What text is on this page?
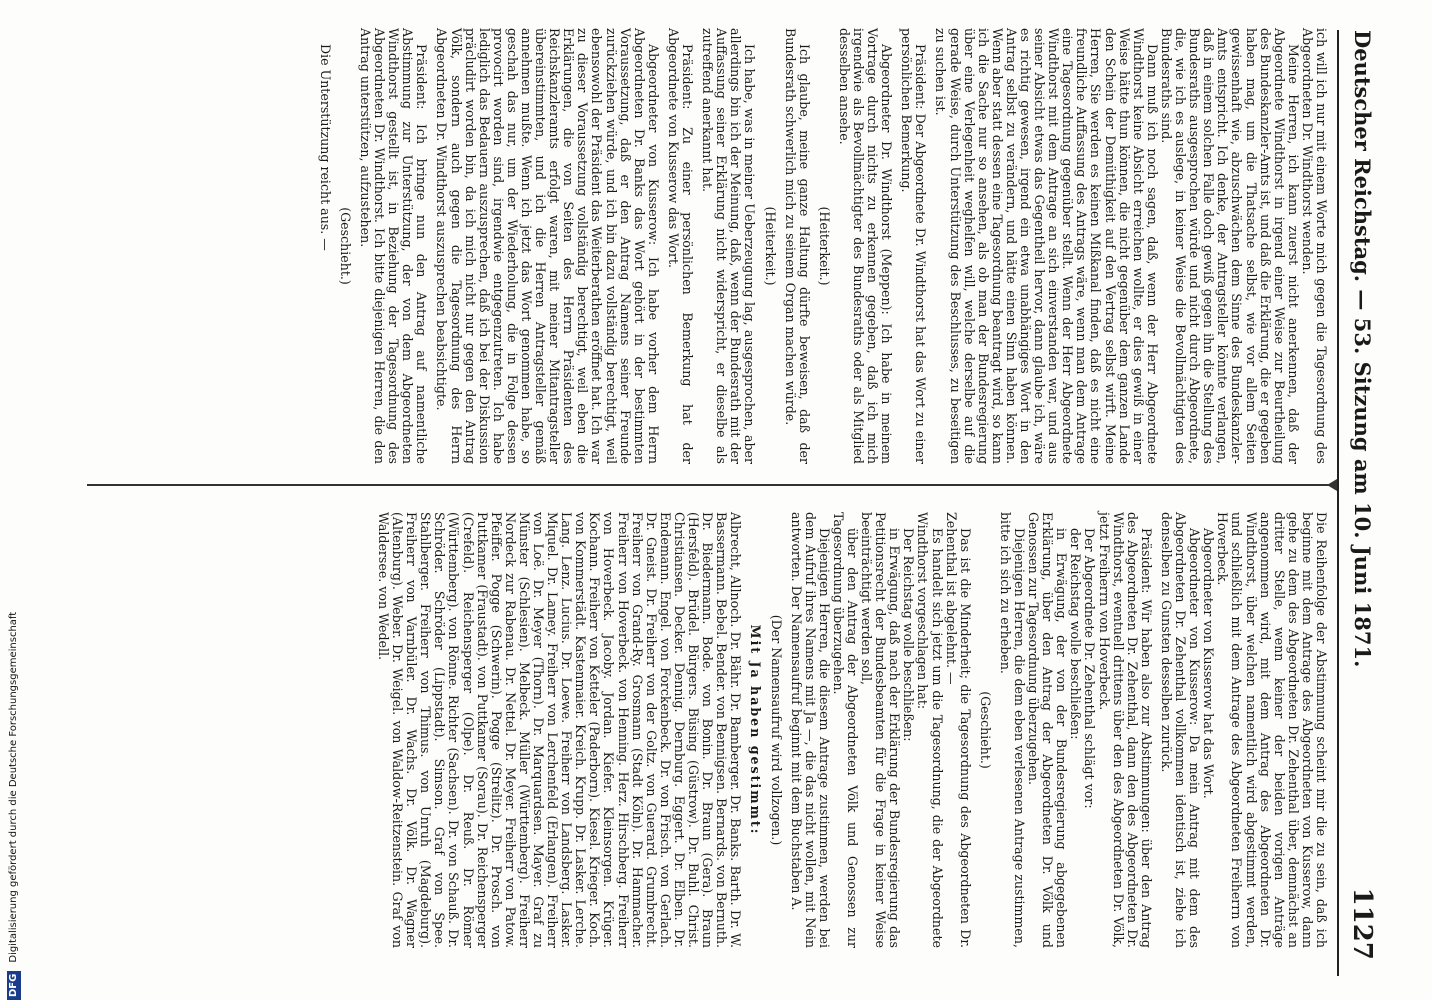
Deutscher Reichstag. — 53. Sitzung am 10. Juni 1871.
1127

ich will ich nur mit einem Worte mich gegen die Tagesordnung des Abgeordneten Dr. Windthorst wenden.

Meine Herren, ich kann zuerst nicht anerkennen, daß der Abgeordnete Windthorst in irgend einer Weise zur Beurtheilung des Bundeskanzler-Amts ist, und daß die Erklärung, die er gegeben haben mag, um die Thatsache selbst, wie vor allem Seiten gewissenhaft wie, abzuschwächen dem Sinne des Bundeskanzler-Amts entspricht. Ich denke, der Antragsteller könnte verlangen, daß in einem solchen Falle doch gewiß gegen ihn die Stellung des Bundesraths ausgesprochen würde und nicht durch Abgeordnete, die, wie ich es auslege, in keiner Weise die Bevollmächtigten des Bundesraths sind.

Dann muß ich noch sagen, daß, wenn der Herr Abgeordnete Windthorst keine Absicht erreichen wollte, er dies gewiß in einer Weise hätte thun können, die nicht gegenüber dem ganzen Lande den Schein der Demüthigkeit auf den Vertrag selbst wirft. Meine Herren, Sie werden es keinen Mißkanal finden, daß es nicht eine freundliche Auffassung des Antrags wäre, wenn man dem Antrage eine Tagesordnung gegenüber stellt. Wenn der Herr Abgeordnete Windthorst mit dem Antrage an sich einverstanden war, und aus seiner Absicht etwas das Gegentheil hervor, dann glaube ich, wäre es richtig gewesen, irgend ein etwa unabhängiges Wort in den Antrag selbst zu verändern, und hätte einen Sinn haben können. Wenn aber statt dessen eine Tagesordnung beantragt wird, so kann ich die Sache nur so ansehen, als ob man der Bundesregierung über eine Verlegenheit weghelfen will, welche derselbe auf die gerade Weise, durch Unterstützung des Beschlusses, zu beseitigen zu suchen ist.

Präsident: Der Abgeordnete Dr. Windthorst hat das Wort zu einer persönlichen Bemerkung.

Abgeordneter Dr. Windthorst (Meppen): Ich habe in meinem Vortrage durch nichts zu erkennen gegeben, daß ich mich irgendwie als Bevollmächtigter des Bundesraths oder als Mitglied desselben ansehe.

(Heiterkeit.)

Ich glaube, meine ganze Haltung dürfte beweisen, daß der Bundesrath schwerlich mich zu seinem Organ machen würde.

(Heiterkeit.)

Ich habe, was in meiner Ueberzeugung lag, ausgesprochen, aber allerdings bin ich der Meinung, daß, wenn der Bundesrath mit der Auffassung seiner Erklärung nicht widerspricht, er dieselbe als zutreffend anerkannt hat.

Präsident: Zu einer persönlichen Bemerkung hat der Abgeordnete von Kusserow das Wort.

Abgeordneter von Kusserow: Ich habe vorher dem Herrn Abgeordneten Dr. Banks das Wort gehört in der bestimmten Voraussetzung, daß er den Antrag Namens seiner Freunde zurückziehen würde, und ich bin dazu vollständig berechtigt, weil ebensowohl der Präsident das Weiterberathen eröffnet hat. Ich war zu dieser Voraussetzung vollständig berechtigt, weil eben die Erklärungen, die von Seiten des Herrn Präsidenten des Reichskanzleramts erfolgt waren, mit meiner Mitantragsteller übereinstimmten, und ich die Herren Antragsteller gemäß annehmen mußte. Wenn ich jetzt das Wort genommen habe, so geschah das nur, um der Wiederholung, die in Folge dessen provocirt worden sind, irgendwie entgegenzutreten. Ich habe lediglich das Bedauern auszusprechen, daß ich bei der Diskussion präcludirt worden bin, da ich mich nicht nur gegen den Antrag Völk, sondern auch gegen die Tagesordnung des Herrn Abgeordneten Dr. Windthorst auszusprechen beabsichtigte.

Präsident: Ich bringe nun den Antrag auf namentliche Abstimmung zur Unterstützung, der von dem Abgeordneten Windthorst gestellt ist, in Beziehung der Tagesordnung des Abgeordneten Dr. Windthorst. Ich bitte diejenigen Herren, die den Antrag unterstützen, aufzustehen.

(Geschieht.)

Die Unterstützung reicht aus. —

Die Reihenfolge der Abstimmung scheint mir die zu sein, daß ich beginne mit dem Antrage des Abgeordneten von Kusserow, dann gehe zu dem des Abgeordneten Dr. Zehenthal über, demnächst an dritter Stelle, wenn keiner der beiden vorigen Anträge angenommen wird, mit dem Antrag des Abgeordneten Dr. Windthorst, über welchen namentlich wird abgestimmt werden, und schließlich mit dem Antrage des Abgeordneten Freiherrn von Hoverbeck.

Abgeordneter von Kusserow hat das Wort.

Abgeordneter von Kusserow: Da mein Antrag mit dem des Abgeordneten Dr. Zehenthal vollkommen identisch ist, ziehe ich denselben zu Gunsten desselben zurück.

Präsident: Wir haben also zur Abstimmungen: über den Antrag des Abgeordneten Dr. Zehenthal, dann den des Abgeordneten Dr. Windthorst, eventuell drittens über den des Abgeordneten Dr. Völk, jetzt Freiherrn von Hoverbeck.

Der Abgeordnete Dr. Zehenthal schlägt vor:

der Reichstag wolle beschließen:

in Erwägung, der von der Bundesregierung abgegebenen Erklärung, über den Antrag der Abgeordneten Dr. Völk und Genossen zur Tagesordnung überzugehen.

Diejenigen Herren, die dem eben verlesenen Antrage zustimmen, bitte ich sich zu erheben.

(Geschieht.)

Das ist die Minderheit; die Tagesordnung des Abgeordneten Dr. Zehenthal ist abgelehnt. —

Es handelt sich jetzt um die Tagesordnung, die der Abgeordnete Windthorst vorgeschlagen hat:

Der Reichstag wolle beschließen:

in Erwägung, daß nach der Erklärung der Bundesregierung das Petitionsrecht der Bundesbeamten für die Frage in keiner Weise beeinträchtigt werden soll,

über den Antrag der Abgeordneten Völk und Genossen zur Tagesordnung überzugehen.

Diejenigen Herren, die diesem Antrage zustimmen, werden bei dem Aufruf ihres Namens mit Ja —, die das nicht wollen, mit Nein antworten. Der Namensaufruf beginnt mit dem Buchstaben A.

(Der Namensaufruf wird vollzogen.)

Mit Ja haben gestimmt:

Albrecht, Allnoch. Dr. Bähr. Dr. Bamberger. Dr. Banks. Barth. Dr. W. Bassermann. Bebel. Bender. von Bennigsen. Bernards. von Bernuth. Dr. Biedermann. Bode. von Bonin. Dr. Braun (Gera). Braun (Hersfeld). Brüdel. Bürgers. Büsing (Güstrow). Dr. Buhl. Christ. Christiansen. Decker. Dennig. Dernburg. Eggert. Dr. Elben. Dr. Endemann. Engel. von Forckenbeck. Dr. von Frisch. von Gerlach. Dr. Gneist. Dr. Freiherr von der Goltz. von Guerard. Grumbrecht. Freiherr von Grand-Ry. Grosmann (Stadt Köln). Dr. Hammacher. Freiherr von Hoverbeck. von Henning. Herz. Hirschberg. Freiherr von Hoverbeck. Jacoby. Jordan. Kiefer. Kleinsorgen. Krüger. Kochann. Freiherr von Ketteler (Paderborn). Kiesel. Krieger. Koch. von Kommerstädt. Kastenmaier. Kreich. Krupp. Dr. Lasker. Lerche. Lang. Lenz. Lucius. Dr. Loewe. Freiherr von Landsberg. Lasker. Miquel. Dr. Lamey. Freiherr von Lerchenfeld (Erlangen). Freiherr von Loë. Dr. Meyer (Thorn). Dr. Marquardsen. Mayer. Graf zu Münster (Schlesien). Melbeck. Müller (Württemberg). Freiherr Nordeck zur Rabenau. Dr. Nettel. Dr. Meyer. Freiherr von Patow. Pfeiffer. Pogge (Schwerin). Pogge (Strelitz). Dr. Prosch. von Puttkamer (Fraustadt). von Puttkamer (Sorau). Dr. Reichensperger (Crefeld). Reichensperger (Olpe). Dr. Reuß. Dr. Römer (Württemberg). von Rönne. Richter (Sachsen). Dr. von Schauß. Dr. Schröder. Schröder (Lippstadt). Simson. Graf von Spee. Stahlberger. Freiherr von Thimus. von Unruh (Magdeburg). Freiherr von Varnbüler. Dr. Wachs. Dr. Völk. Dr. Wagner (Altenburg). Weber. Dr. Weigel. von Waldow-Reitzenstein. Graf von Waldersee. von Wedell.

DFGDigitalisierung gefördert durch die Deutsche Forschungsgemeinschaft
